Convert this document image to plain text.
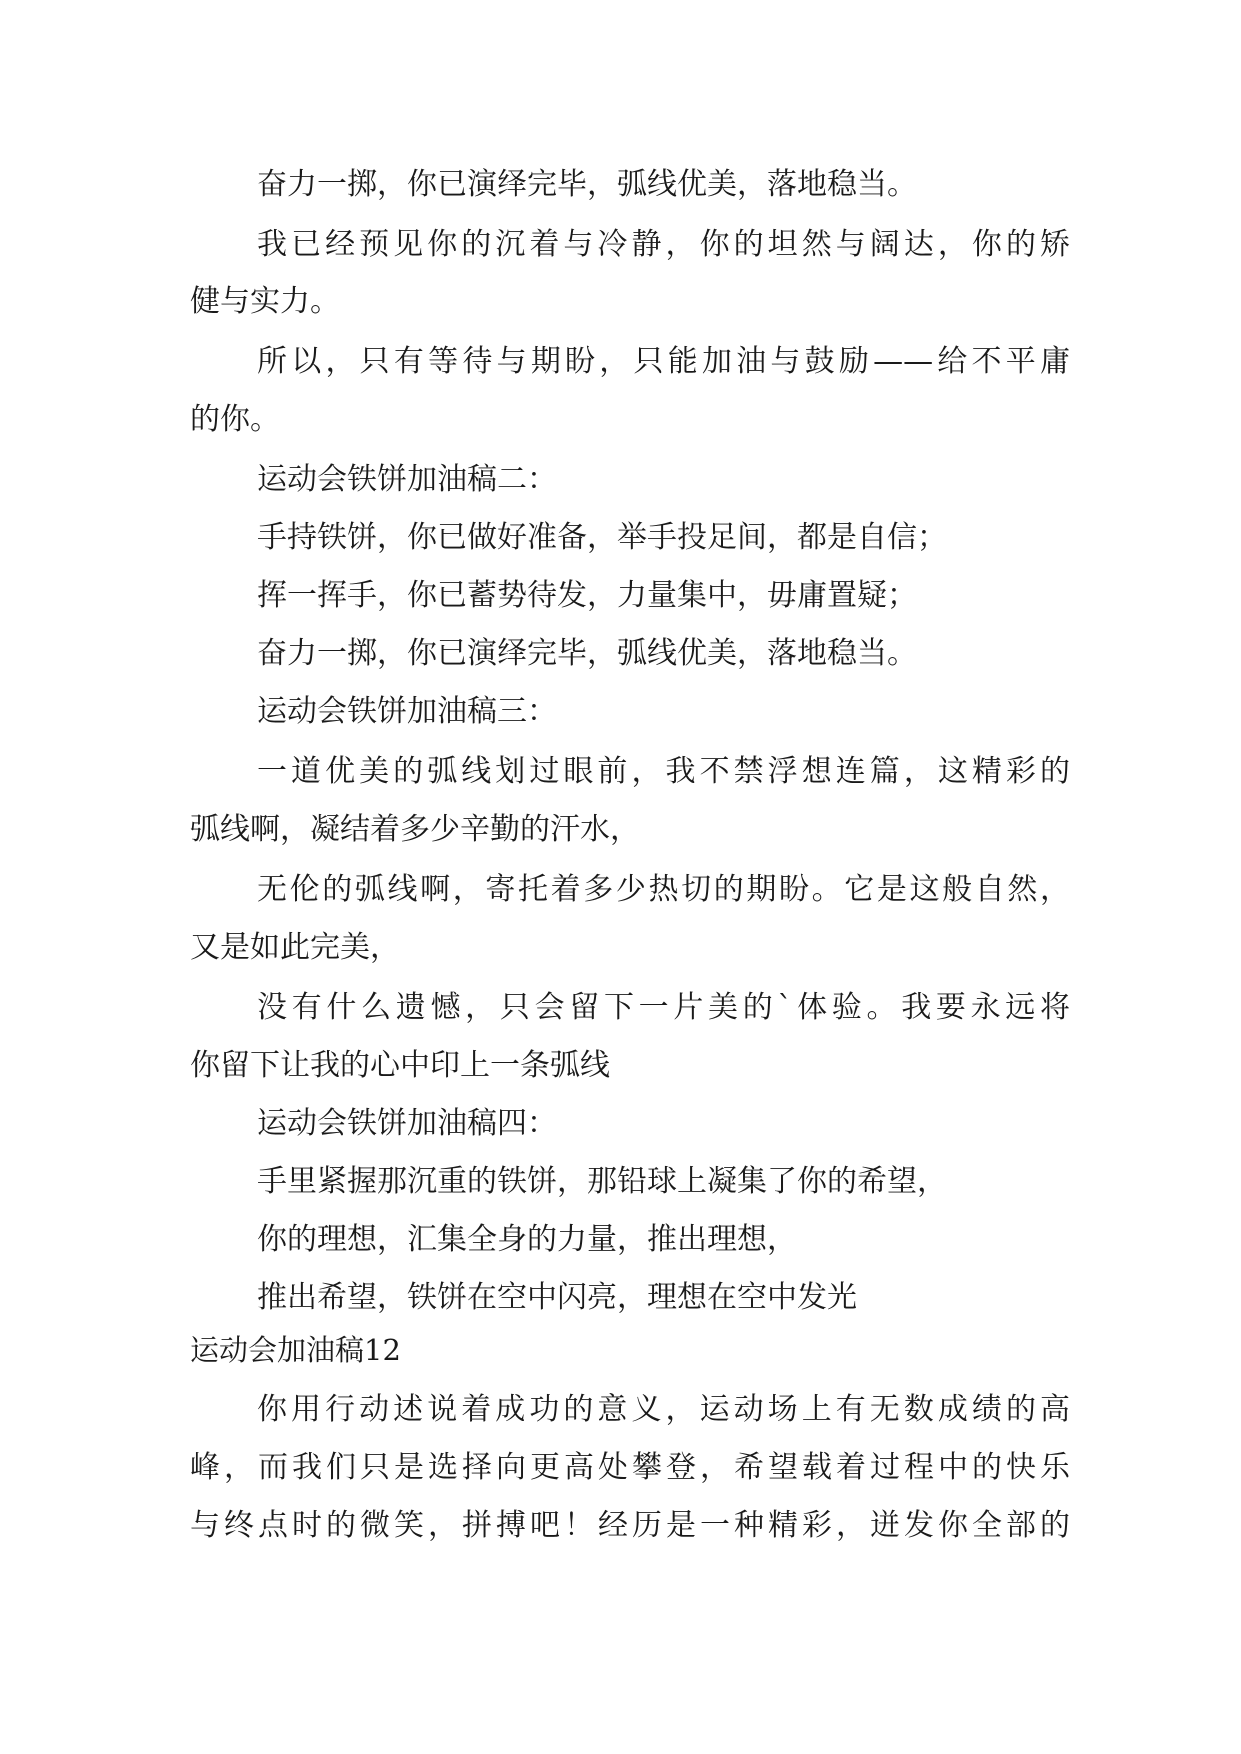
奋力一掷，你已演绎完毕，弧线优美，落地稳当。
我已经预见你的沉着与冷静，你的坦然与阔达，你的矫
健与实力。
所以，只有等待与期盼，只能加油与鼓励——给不平庸
的你。
运动会铁饼加油稿二：
手持铁饼，你已做好准备，举手投足间，都是自信；
挥一挥手，你已蓄势待发，力量集中，毋庸置疑；
奋力一掷，你已演绎完毕，弧线优美，落地稳当。
运动会铁饼加油稿三：
一道优美的弧线划过眼前，我不禁浮想连篇，这精彩的
弧线啊，凝结着多少辛勤的汗水，
无伦的弧线啊，寄托着多少热切的期盼。它是这般自然，
又是如此完美，
没有什么遗憾，只会留下一片美的`体验。我要永远将
你留下让我的心中印上一条弧线
运动会铁饼加油稿四：
手里紧握那沉重的铁饼，那铅球上凝集了你的希望，
你的理想，汇集全身的力量，推出理想，
推出希望，铁饼在空中闪亮，理想在空中发光
运动会加油稿12
你用行动述说着成功的意义，运动场上有无数成绩的高
峰，而我们只是选择向更高处攀登，希望载着过程中的快乐
与终点时的微笑，拼搏吧！经历是一种精彩，迸发你全部的
